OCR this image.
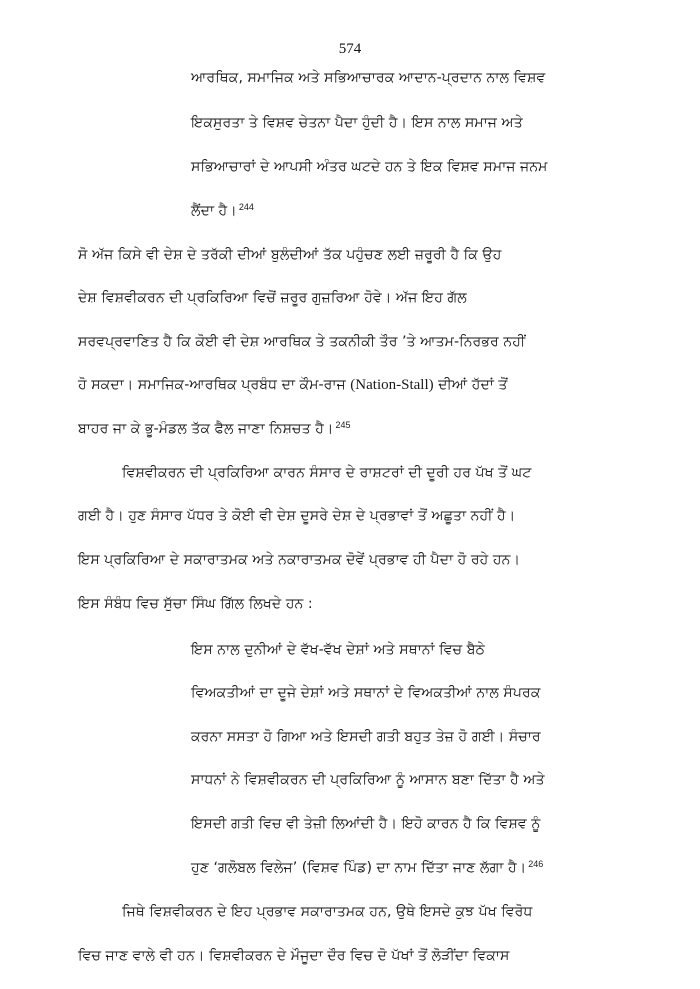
574
ਆਰਥਿਕ, ਸਮਾਜਿਕ ਅਤੇ ਸਭਿਆਚਾਰਕ ਆਦਾਨ-ਪ੍ਰਦਾਨ ਨਾਲ ਵਿਸ਼ਵ
ਇਕਸੁਰਤਾ ਤੇ ਵਿਸ਼ਵ ਚੇਤਨਾ ਪੈਦਾ ਹੁੰਦੀ ਹੈ। ਇਸ ਨਾਲ ਸਮਾਜ ਅਤੇ
ਸਭਿਆਚਾਰਾਂ ਦੇ ਆਪਸੀ ਅੰਤਰ ਘਟਦੇ ਹਨ ਤੇ ਇਕ ਵਿਸ਼ਵ ਸਮਾਜ ਜਨਮ
ਲੈਂਦਾ ਹੈ। $^{244}$
ਸੋ ਅੱਜ ਕਿਸੇ ਵੀ ਦੇਸ਼ ਦੇ ਤਰੱਕੀ ਦੀਆਂ ਬੁਲੰਦੀਆਂ ਤੱਕ ਪਹੁੰਚਣ ਲਈ ਜ਼ਰੂਰੀ ਹੈ ਕਿ ਉਹ
ਦੇਸ਼ ਵਿਸ਼ਵੀਕਰਨ ਦੀ ਪ੍ਰਕਿਰਿਆ ਵਿਚੋਂ ਜ਼ਰੂਰ ਗੁਜ਼ਰਿਆ ਹੋਵੇ। ਅੱਜ ਇਹ ਗੱਲ
ਸਰਵਪ੍ਰਵਾਣਿਤ ਹੈ ਕਿ ਕੋਈ ਵੀ ਦੇਸ਼ ਆਰਥਿਕ ਤੇ ਤਕਨੀਕੀ ਤੌਰ ’ਤੇ ਆਤਮ-ਨਿਰਭਰ ਨਹੀਂ
ਹੋ ਸਕਦਾ। ਸਮਾਜਿਕ-ਆਰਥਿਕ ਪ੍ਰਬੰਧ ਦਾ ਕੌਮ-ਰਾਜ (Nation-Stall) ਦੀਆਂ ਹੱਦਾਂ ਤੋਂ
ਬਾਹਰ ਜਾ ਕੇ ਭੂ-ਮੰਡਲ ਤੱਕ ਫੈਲ ਜਾਣਾ ਨਿਸ਼ਚਤ ਹੈ। $^{245}$
ਵਿਸ਼ਵੀਕਰਨ ਦੀ ਪ੍ਰਕਿਰਿਆ ਕਾਰਨ ਸੰਸਾਰ ਦੇ ਰਾਸ਼ਟਰਾਂ ਦੀ ਦੂਰੀ ਹਰ ਪੱਖ ਤੋਂ ਘਟ
ਗਈ ਹੈ। ਹੁਣ ਸੰਸਾਰ ਪੱਧਰ ਤੇ ਕੋਈ ਵੀ ਦੇਸ਼ ਦੂਸਰੇ ਦੇਸ਼ ਦੇ ਪ੍ਰਭਾਵਾਂ ਤੋਂ ਅਛੂਤਾ ਨਹੀਂ ਹੈ।
ਇਸ ਪ੍ਰਕਿਰਿਆ ਦੇ ਸਕਾਰਾਤਮਕ ਅਤੇ ਨਕਾਰਾਤਮਕ ਦੋਵੇਂ ਪ੍ਰਭਾਵ ਹੀ ਪੈਦਾ ਹੋ ਰਹੇ ਹਨ।
ਇਸ ਸੰਬੰਧ ਵਿਚ ਸੁੱਚਾ ਸਿੰਘ ਗਿੱਲ ਲਿਖਦੇ ਹਨ :
ਇਸ ਨਾਲ ਦੁਨੀਆਂ ਦੇ ਵੱਖ-ਵੱਖ ਦੇਸ਼ਾਂ ਅਤੇ ਸਥਾਨਾਂ ਵਿਚ ਬੈਠੇ
ਵਿਅਕਤੀਆਂ ਦਾ ਦੂਜੇ ਦੇਸ਼ਾਂ ਅਤੇ ਸਥਾਨਾਂ ਦੇ ਵਿਅਕਤੀਆਂ ਨਾਲ ਸੰਪਰਕ
ਕਰਨਾ ਸਸਤਾ ਹੋ ਗਿਆ ਅਤੇ ਇਸਦੀ ਗਤੀ ਬਹੁਤ ਤੇਜ਼ ਹੋ ਗਈ। ਸੰਚਾਰ
ਸਾਧਨਾਂ ਨੇ ਵਿਸ਼ਵੀਕਰਨ ਦੀ ਪ੍ਰਕਿਰਿਆ ਨੂੰ ਆਸਾਨ ਬਣਾ ਦਿੱਤਾ ਹੈ ਅਤੇ
ਇਸਦੀ ਗਤੀ ਵਿਚ ਵੀ ਤੇਜ਼ੀ ਲਿਆਂਦੀ ਹੈ। ਇਹੋ ਕਾਰਨ ਹੈ ਕਿ ਵਿਸ਼ਵ ਨੂੰ
ਹੁਣ ‘ਗਲੋਬਲ ਵਿਲੇਜ’ (ਵਿਸ਼ਵ ਪਿੰਡ) ਦਾ ਨਾਮ ਦਿੱਤਾ ਜਾਣ ਲੱਗਾ ਹੈ। $^{246}$
ਜਿਥੇ ਵਿਸ਼ਵੀਕਰਨ ਦੇ ਇਹ ਪ੍ਰਭਾਵ ਸਕਾਰਾਤਮਕ ਹਨ, ਉਥੇ ਇਸਦੇ ਕੁਝ ਪੱਖ ਵਿਰੋਧ
ਵਿਚ ਜਾਣ ਵਾਲੇ ਵੀ ਹਨ। ਵਿਸ਼ਵੀਕਰਨ ਦੇ ਮੌਜੂਦਾ ਦੌਰ ਵਿਚ ਦੋ ਪੱਖਾਂ ਤੋਂ ਲੋੜੀਂਦਾ ਵਿਕਾਸ
